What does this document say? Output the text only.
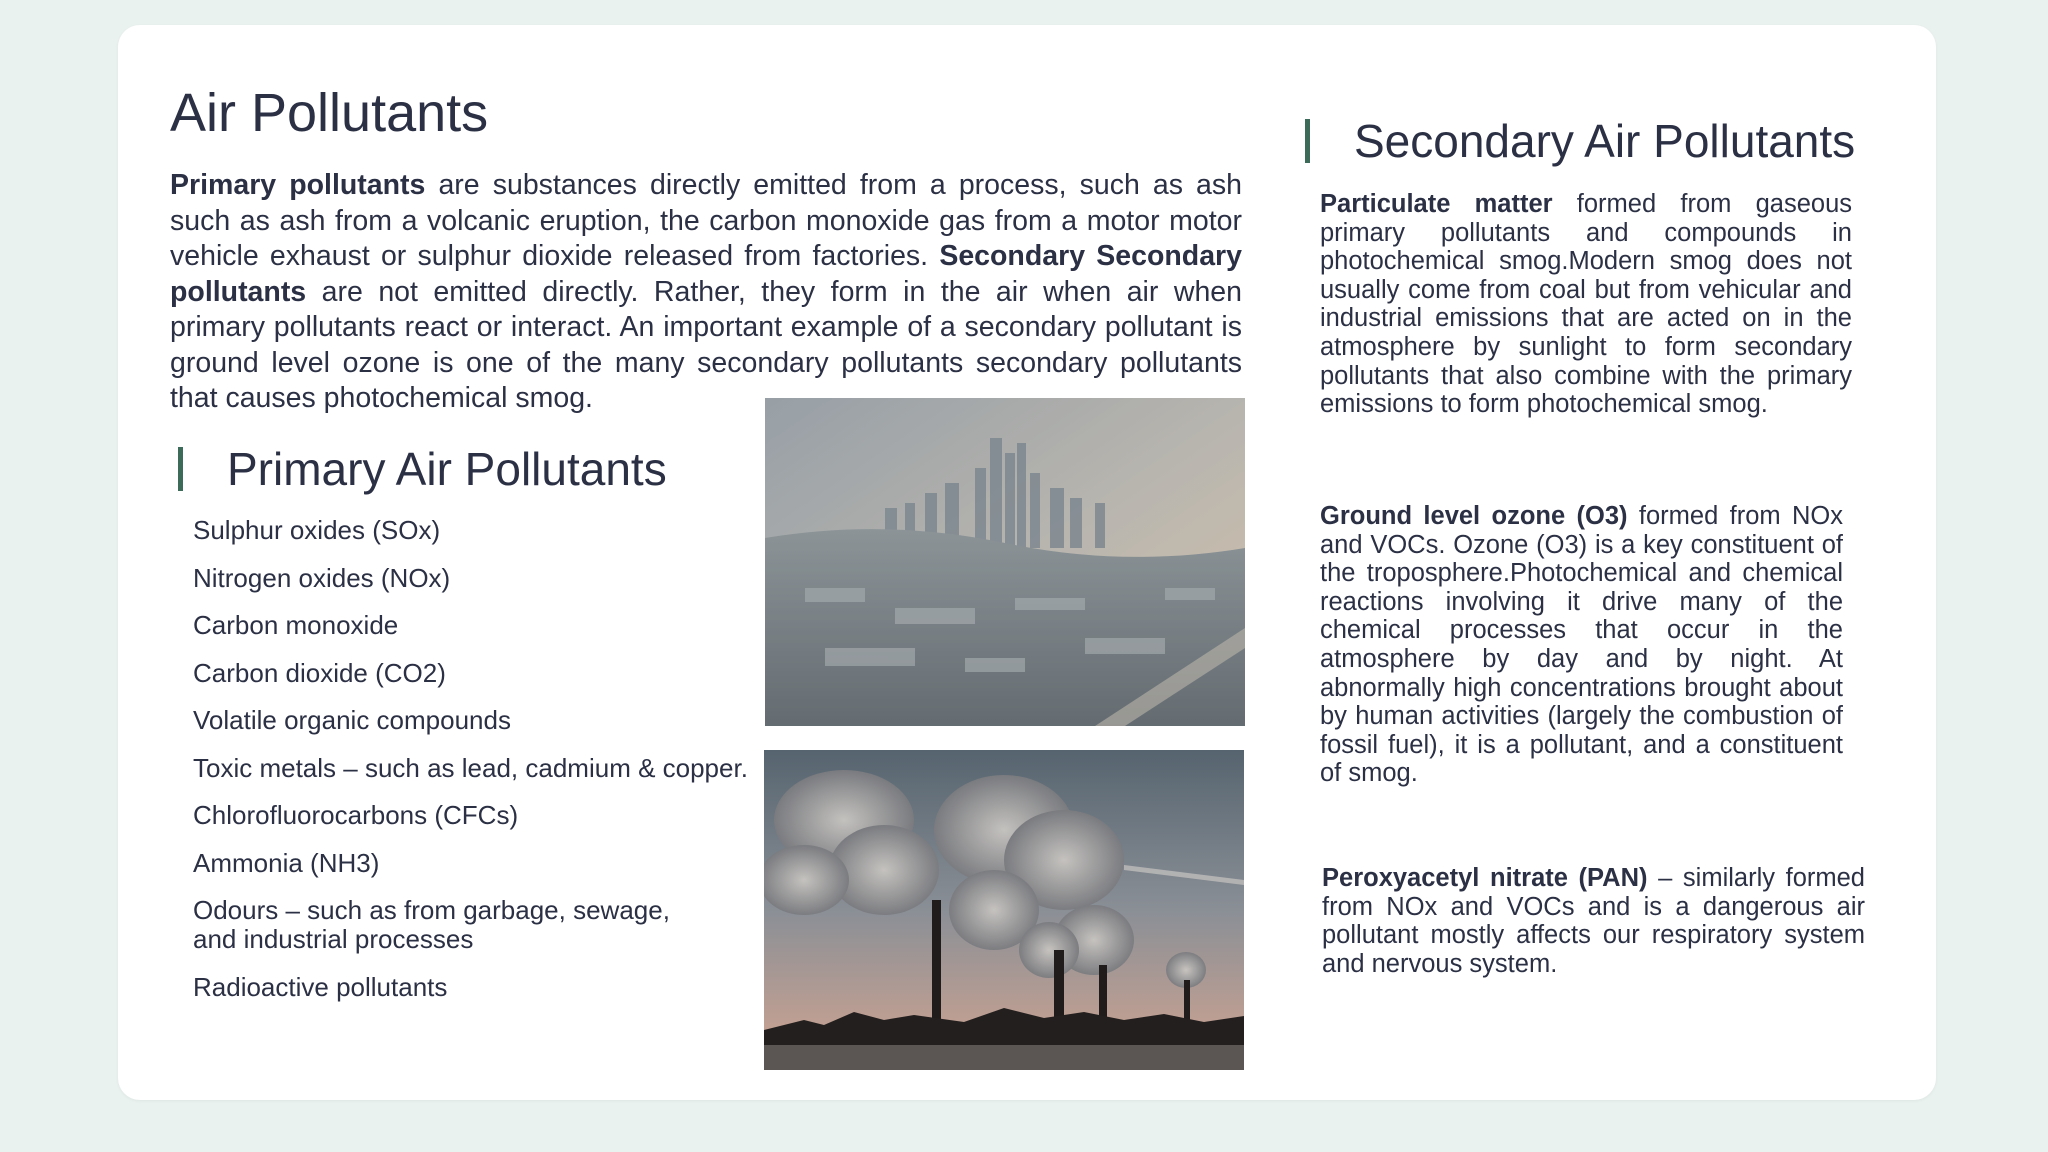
Air Pollutants

Primary pollutants are substances directly emitted from a process, such as ash such as ash from a volcanic eruption, the carbon monoxide gas from a motor motor vehicle exhaust or sulphur dioxide released from factories. Secondary Secondary pollutants are not emitted directly. Rather, they form in the air when air when primary pollutants react or interact. An important example of a secondary pollutant is ground level ozone is one of the many secondary pollutants secondary pollutants that causes photochemical smog.

Primary Air Pollutants
Sulphur oxides (SOx)
Nitrogen oxides (NOx)
Carbon monoxide
Carbon dioxide (CO2)
Volatile organic compounds
Toxic metals – such as lead, cadmium & copper.
Chlorofluorocarbons (CFCs)
Ammonia (NH3)
Odours – such as from garbage, sewage, and industrial processes
Radioactive pollutants
Secondary Air Pollutants

Particulate matter formed from gaseous primary pollutants and compounds in photochemical smog.Modern smog does not usually come from coal but from vehicular and industrial emissions that are acted on in the atmosphere by sunlight to form secondary pollutants that also combine with the primary emissions to form photochemical smog.

Ground level ozone (O3) formed from NOx and VOCs. Ozone (O3) is a key constituent of the troposphere.Photochemical and chemical reactions involving it drive many of the chemical processes that occur in the atmosphere by day and by night. At abnormally high concentrations brought about by human activities (largely the combustion of fossil fuel), it is a pollutant, and a constituent of smog.

Peroxyacetyl nitrate (PAN) – similarly formed from NOx and VOCs and is a dangerous air pollutant mostly affects our respiratory system and nervous system.
